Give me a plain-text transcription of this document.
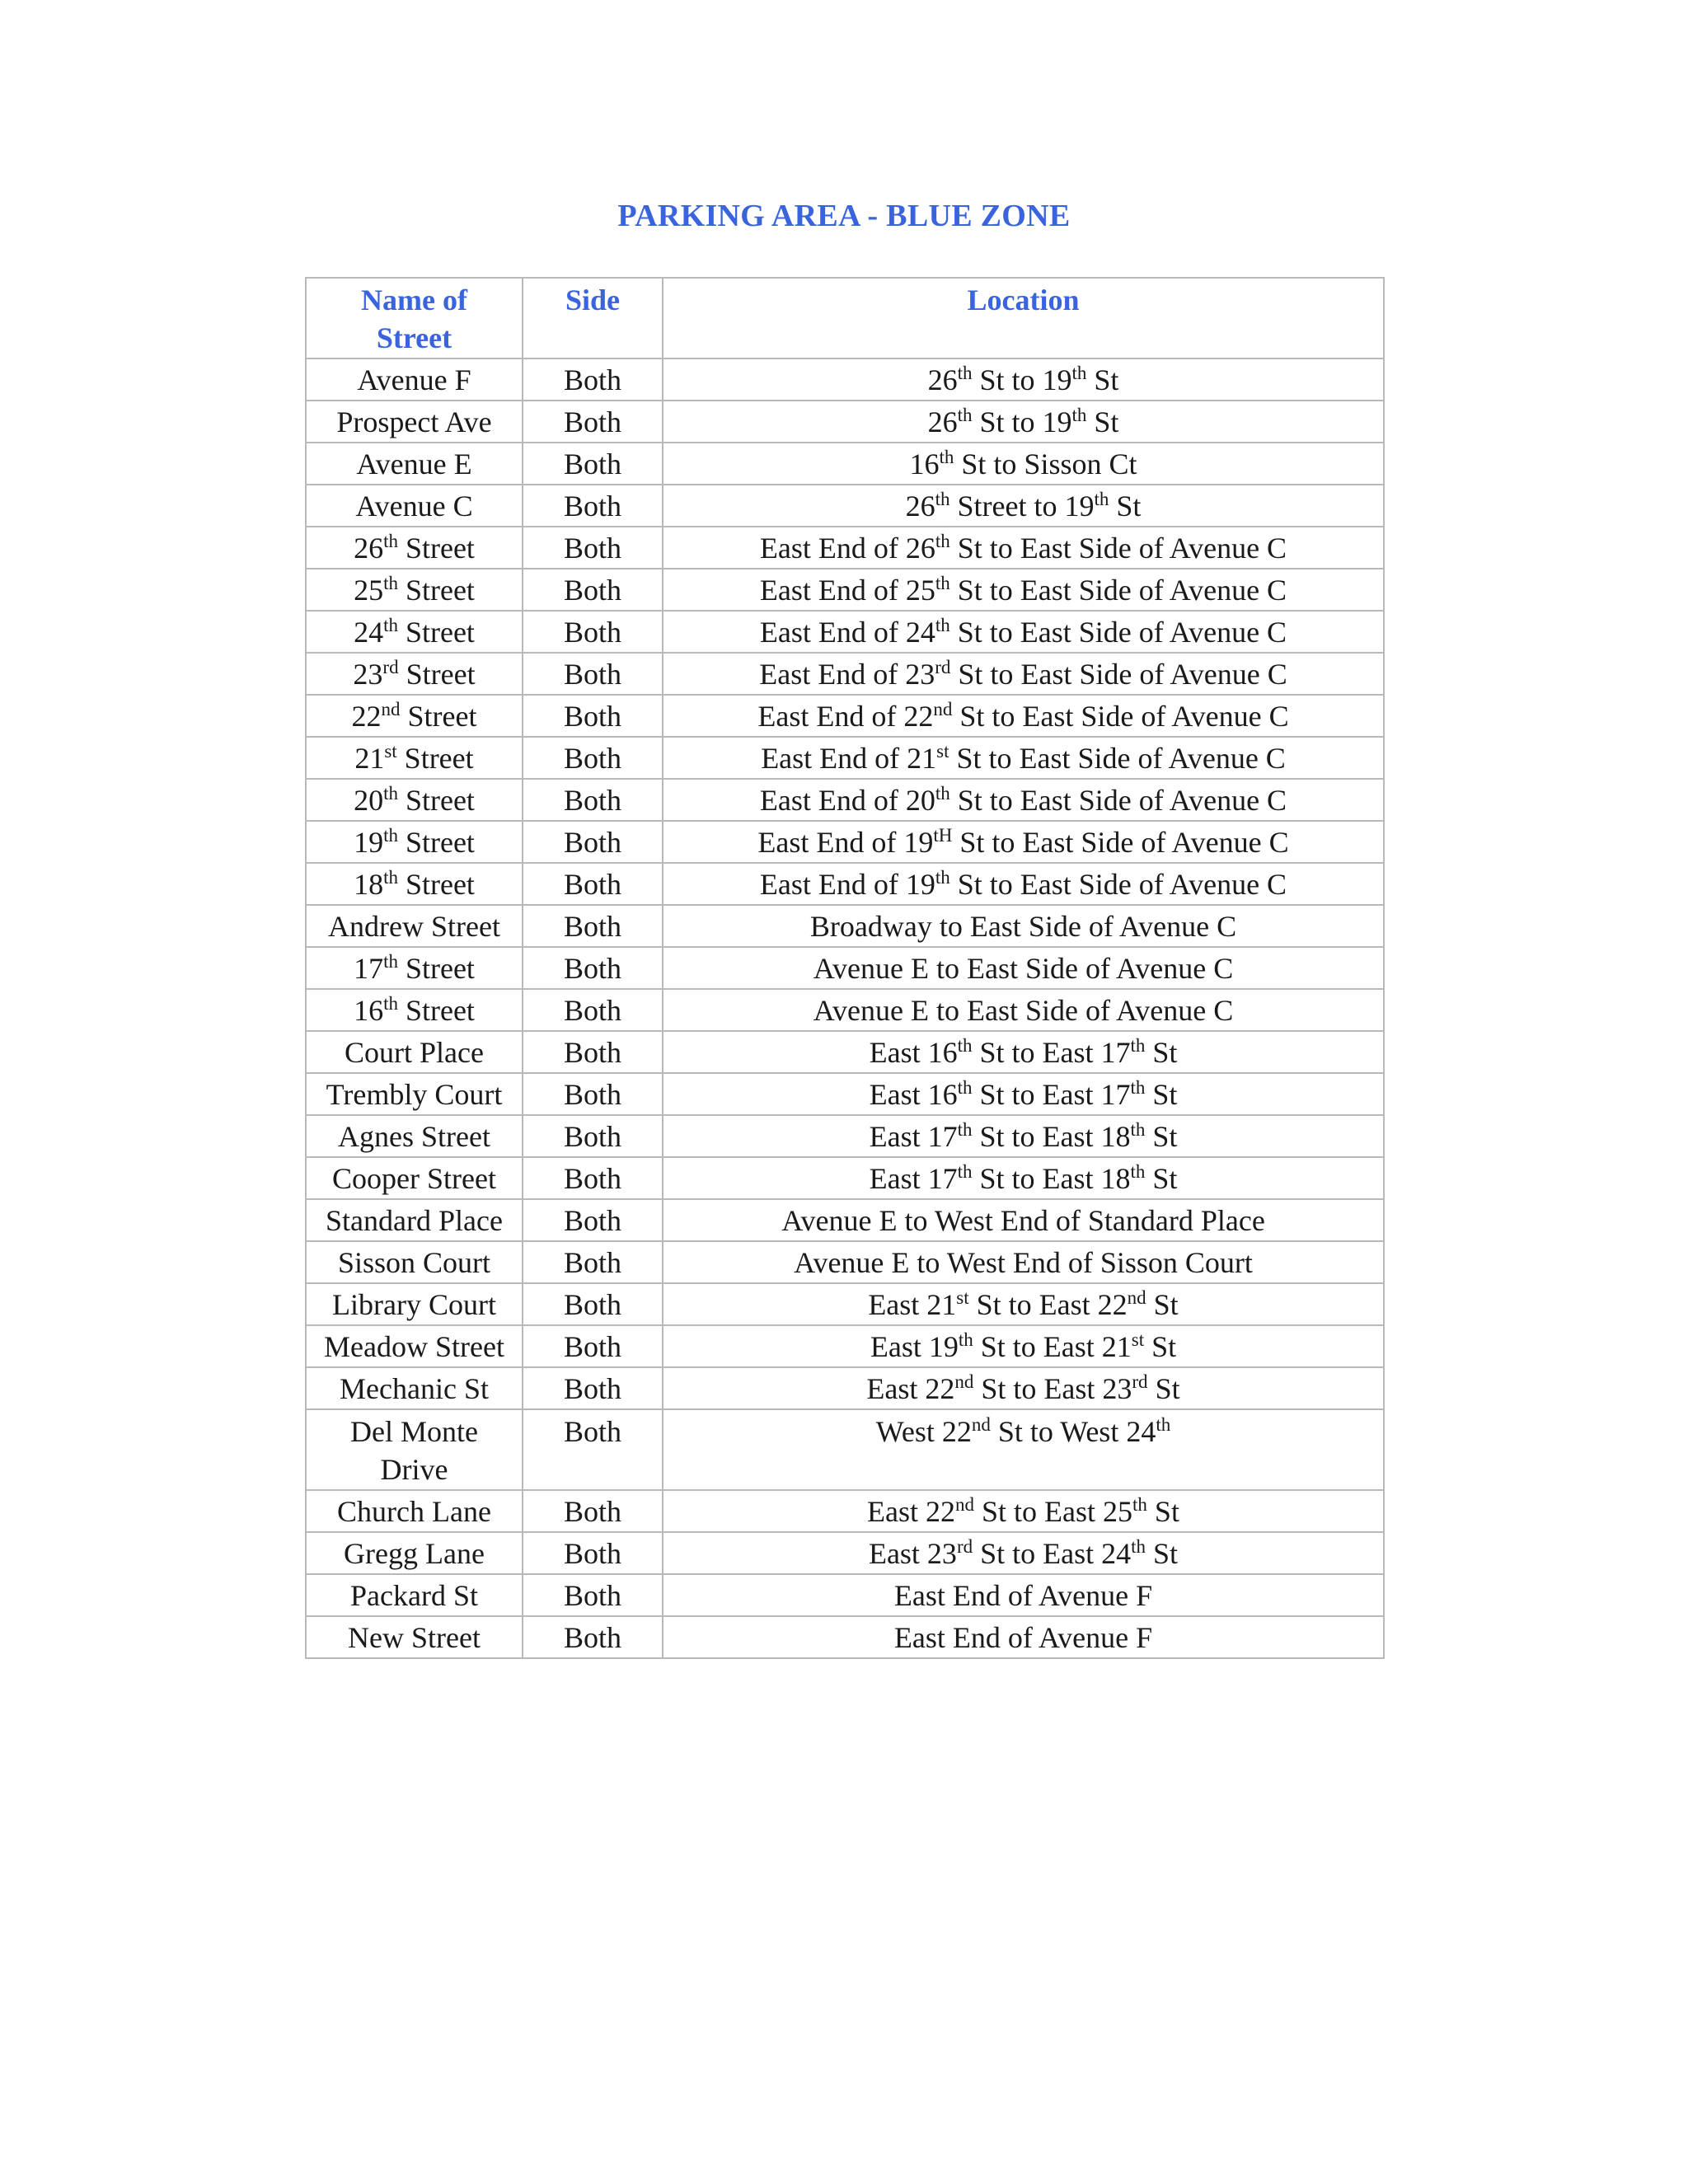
PARKING AREA - BLUE ZONE
Name of
Street	Side	Location
Avenue F	Both	26th St to 19th St
Prospect Ave	Both	26th St to 19th St
Avenue E	Both	16th St to Sisson Ct
Avenue C	Both	26th Street to 19th St
26th Street	Both	East End of 26th St to East Side of Avenue C
25th Street	Both	East End of 25th St to East Side of Avenue C
24th Street	Both	East End of 24th St to East Side of Avenue C
23rd Street	Both	East End of 23rd St to East Side of Avenue C
22nd Street	Both	East End of 22nd St to East Side of Avenue C
21st Street	Both	East End of 21st St to East Side of Avenue C
20th Street	Both	East End of 20th St to East Side of Avenue C
19th Street	Both	East End of 19tH St to East Side of Avenue C
18th Street	Both	East End of 19th St to East Side of Avenue C
Andrew Street	Both	Broadway to East Side of Avenue C
17th Street	Both	Avenue E to East Side of Avenue C
16th Street	Both	Avenue E to East Side of Avenue C
Court Place	Both	East 16th St to East 17th St
Trembly Court	Both	East 16th St to East 17th St
Agnes Street	Both	East 17th St to East 18th St
Cooper Street	Both	East 17th St to East 18th St
Standard Place	Both	Avenue E to West End of Standard Place
Sisson Court	Both	Avenue E to West End of Sisson Court
Library Court	Both	East 21st St to East 22nd St
Meadow Street	Both	East 19th St to East 21st St
Mechanic St	Both	East 22nd St to East 23rd St
Del Monte
Drive	Both	West 22nd St to West 24th
Church Lane	Both	East 22nd St to East 25th St
Gregg Lane	Both	East 23rd St to East 24th St
Packard St	Both	East End of Avenue F
New Street	Both	East End of Avenue F
